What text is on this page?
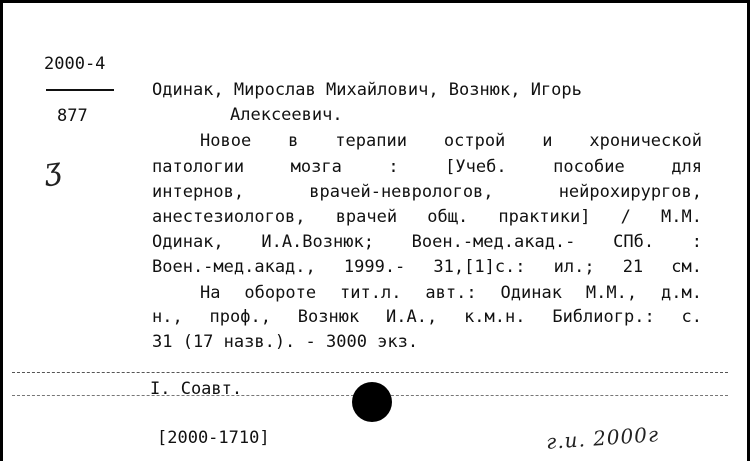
2000-4
877
ʒ
Одинак, Мирослав Михайлович, Вознюк, Игорь
Алексеевич.
Новое в терапии острой и хронической
патологии мозга : [Учеб. пособие для
интернов, врачей-неврологов, нейрохирургов,
анестезиологов, врачей общ. практики] / М.М.
Одинак, И.А.Вознюк; Воен.-мед.акад.- СПб. :
Воен.-мед.акад., 1999.- 31,[1]с.: ил.; 21 см.
На обороте тит.л. авт.: Одинак М.М., д.м.
н., проф., Вознюк И.А., к.м.н. Библиогр.: с.
31 (17 назв.). - 3000 экз.
I. Соавт.
[2000-1710]	г.и. 2000г
